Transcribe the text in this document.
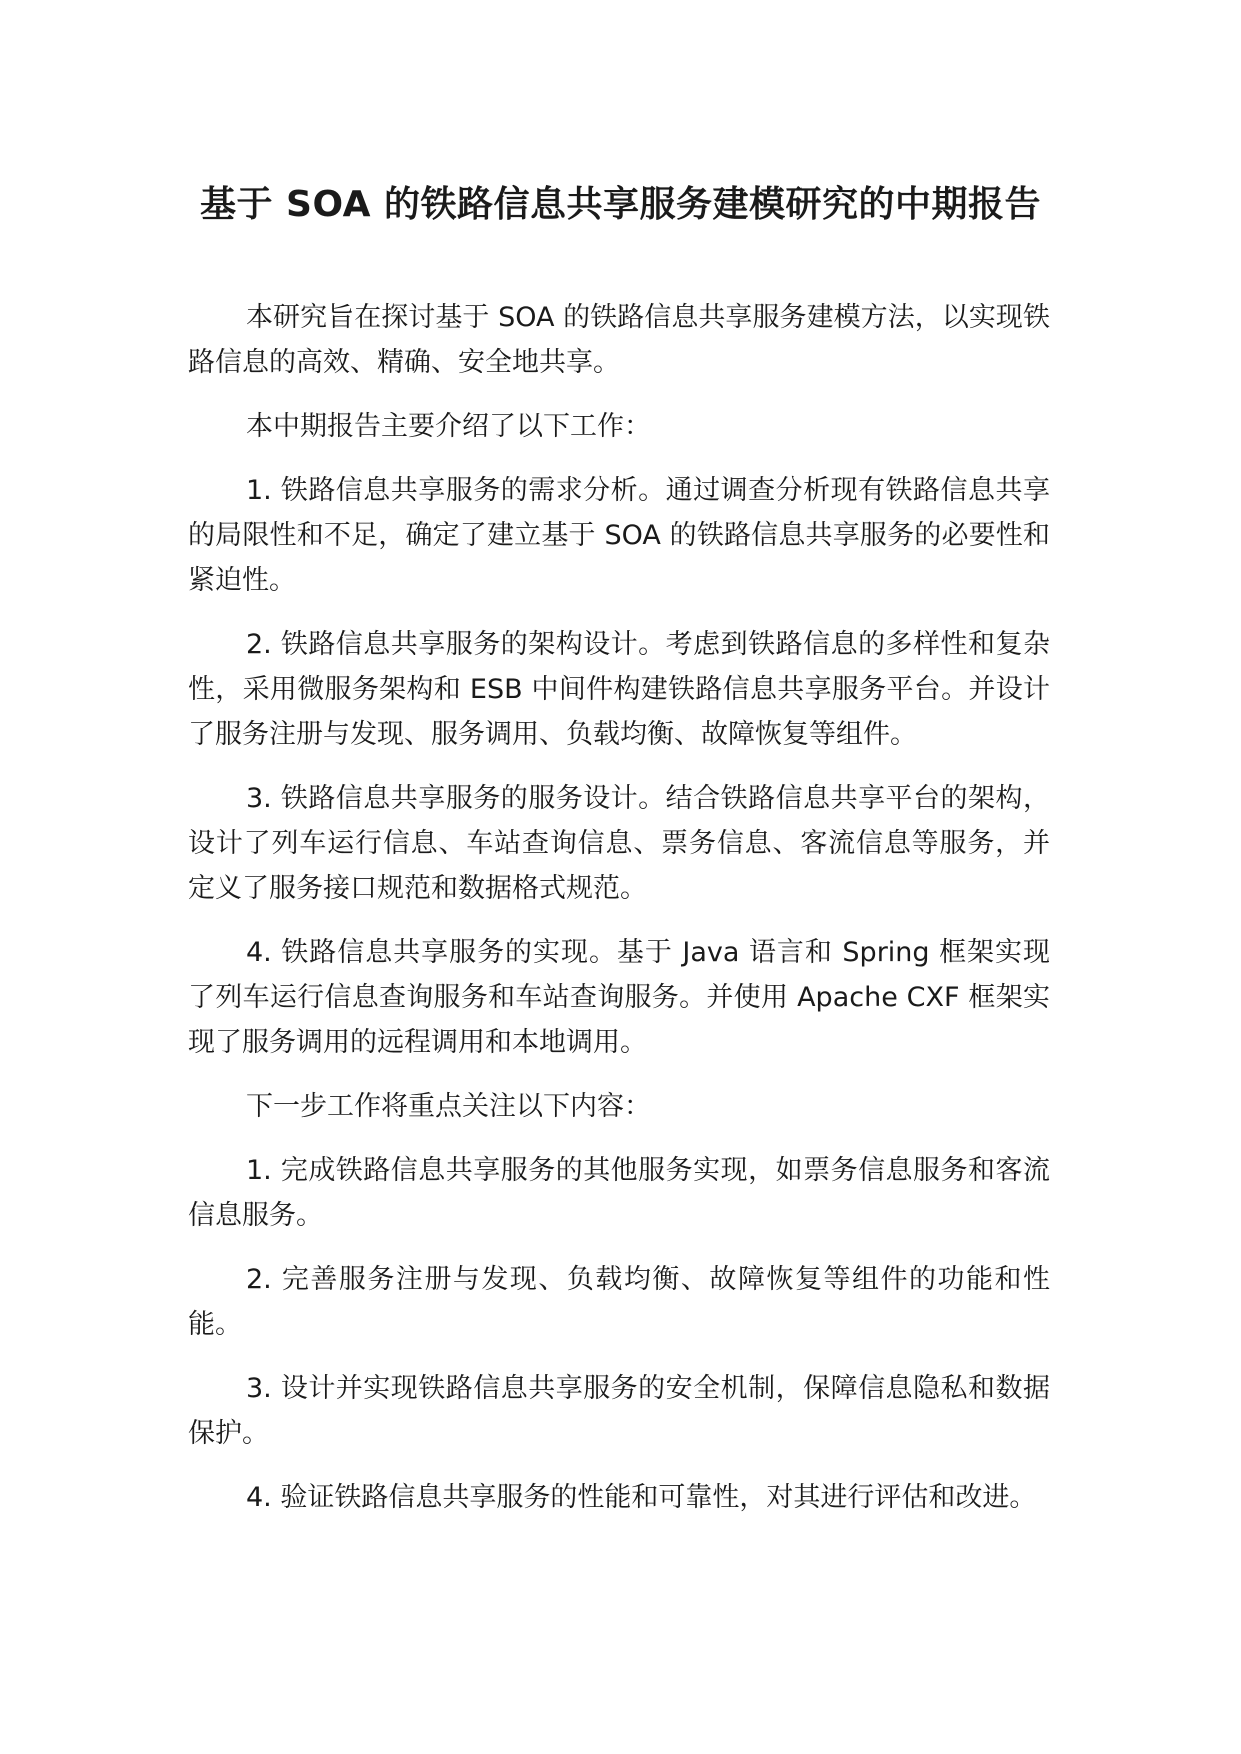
基于 SOA 的铁路信息共享服务建模研究的中期报告

本研究旨在探讨基于 SOA 的铁路信息共享服务建模方法，以实现铁路信息的高效、精确、安全地共享。

本中期报告主要介绍了以下工作：

1. 铁路信息共享服务的需求分析。通过调查分析现有铁路信息共享的局限性和不足，确定了建立基于 SOA 的铁路信息共享服务的必要性和紧迫性。

2. 铁路信息共享服务的架构设计。考虑到铁路信息的多样性和复杂性，采用微服务架构和 ESB 中间件构建铁路信息共享服务平台。并设计了服务注册与发现、服务调用、负载均衡、故障恢复等组件。

3. 铁路信息共享服务的服务设计。结合铁路信息共享平台的架构，设计了列车运行信息、车站查询信息、票务信息、客流信息等服务，并定义了服务接口规范和数据格式规范。

4. 铁路信息共享服务的实现。基于 Java 语言和 Spring 框架实现了列车运行信息查询服务和车站查询服务。并使用 Apache CXF 框架实现了服务调用的远程调用和本地调用。

下一步工作将重点关注以下内容：

1. 完成铁路信息共享服务的其他服务实现，如票务信息服务和客流信息服务。

2. 完善服务注册与发现、负载均衡、故障恢复等组件的功能和性能。

3. 设计并实现铁路信息共享服务的安全机制，保障信息隐私和数据保护。

4. 验证铁路信息共享服务的性能和可靠性，对其进行评估和改进。
